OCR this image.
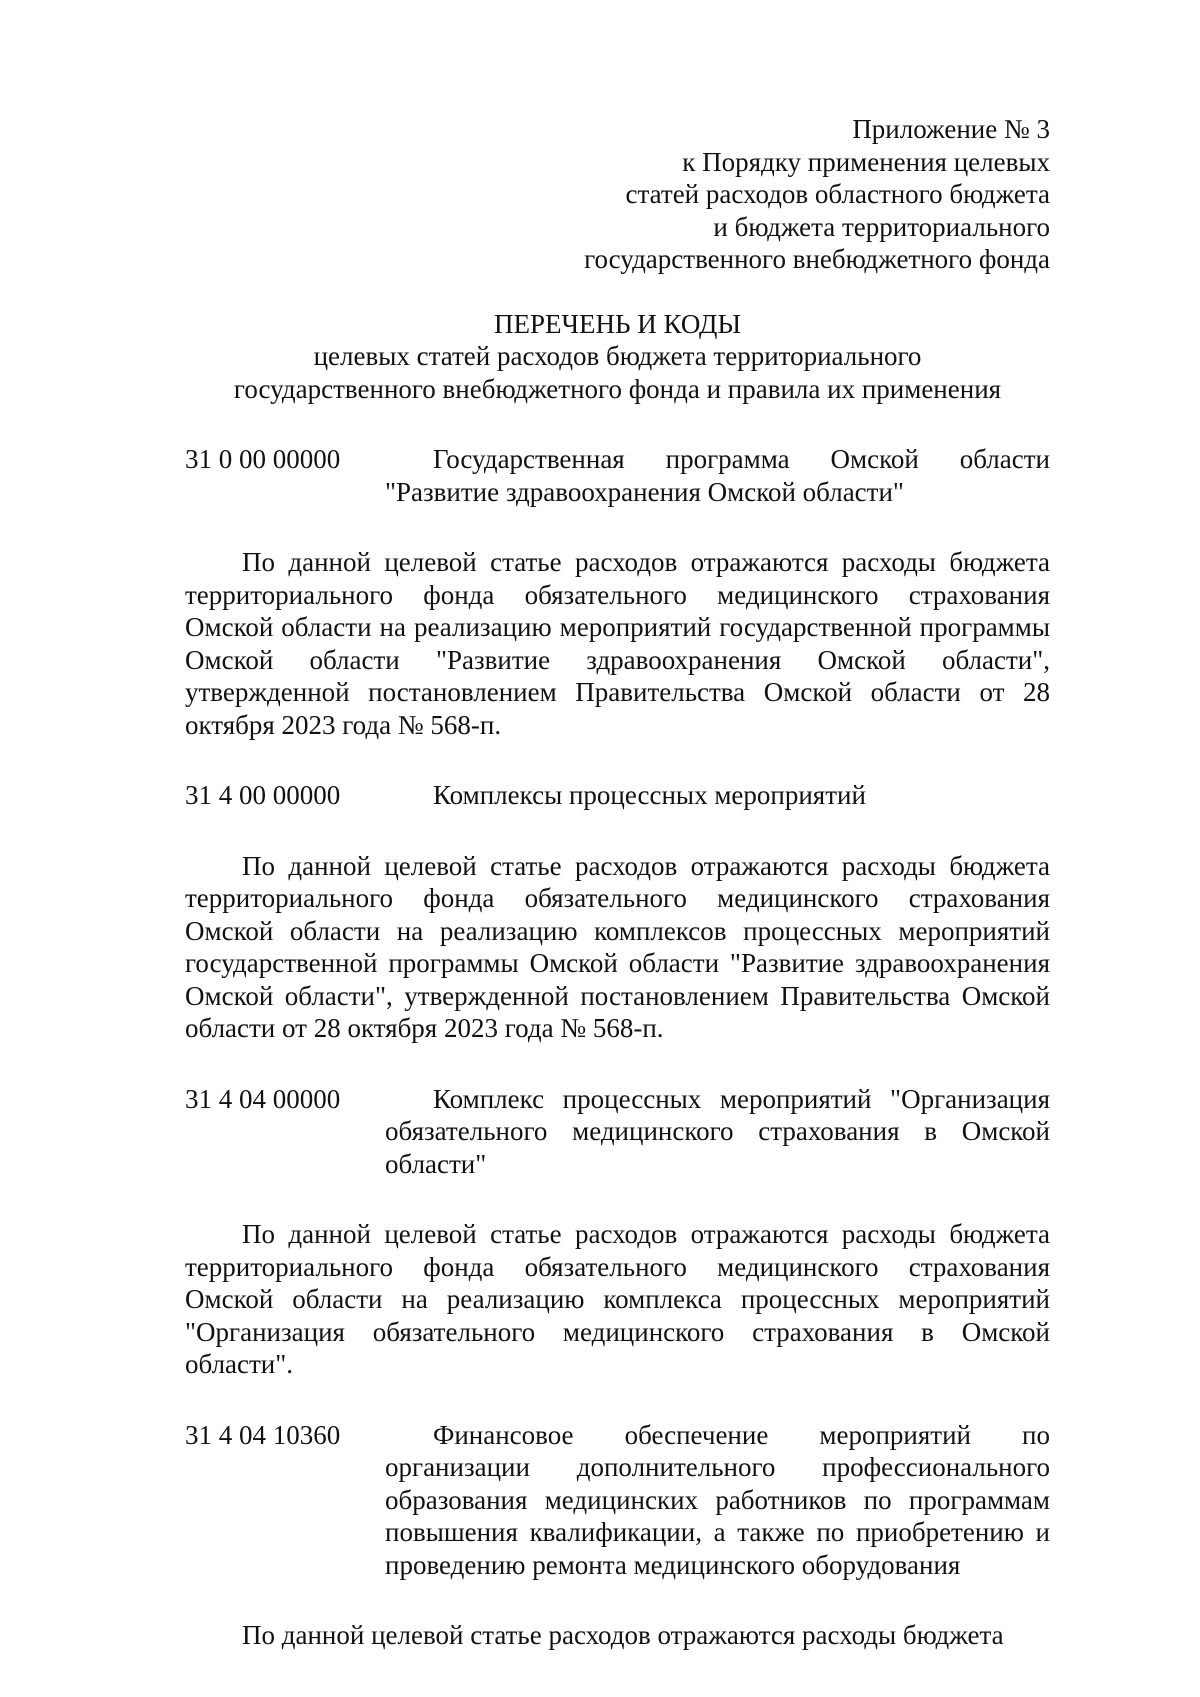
Приложение № 3
к Порядку применения целевых
статей расходов областного бюджета
и бюджета территориального
государственного внебюджетного фонда
ПЕРЕЧЕНЬ И КОДЫ
целевых статей расходов бюджета территориального
государственного внебюджетного фонда и правила их применения
31 0 00 00000	Государственная программа Омской области "Развитие здравоохранения Омской области"
По данной целевой статье расходов отражаются расходы бюджета территориального фонда обязательного медицинского страхования Омской области на реализацию мероприятий государственной программы Омской области "Развитие здравоохранения Омской области", утвержденной постановлением Правительства Омской области от 28 октября 2023 года № 568-п.
31 4 00 00000	Комплексы процессных мероприятий
По данной целевой статье расходов отражаются расходы бюджета территориального фонда обязательного медицинского страхования Омской области на реализацию комплексов процессных мероприятий государственной программы Омской области "Развитие здравоохранения Омской области", утвержденной постановлением Правительства Омской области от 28 октября 2023 года № 568-п.
31 4 04 00000	Комплекс процессных мероприятий "Организация обязательного медицинского страхования в Омской области"
По данной целевой статье расходов отражаются расходы бюджета территориального фонда обязательного медицинского страхования Омской области на реализацию комплекса процессных мероприятий "Организация обязательного медицинского страхования в Омской области".
31 4 04 10360	Финансовое обеспечение мероприятий по организации дополнительного профессионального образования медицинских работников по программам повышения квалификации, а также по приобретению и проведению ремонта медицинского оборудования
По данной целевой статье расходов отражаются расходы бюджета
